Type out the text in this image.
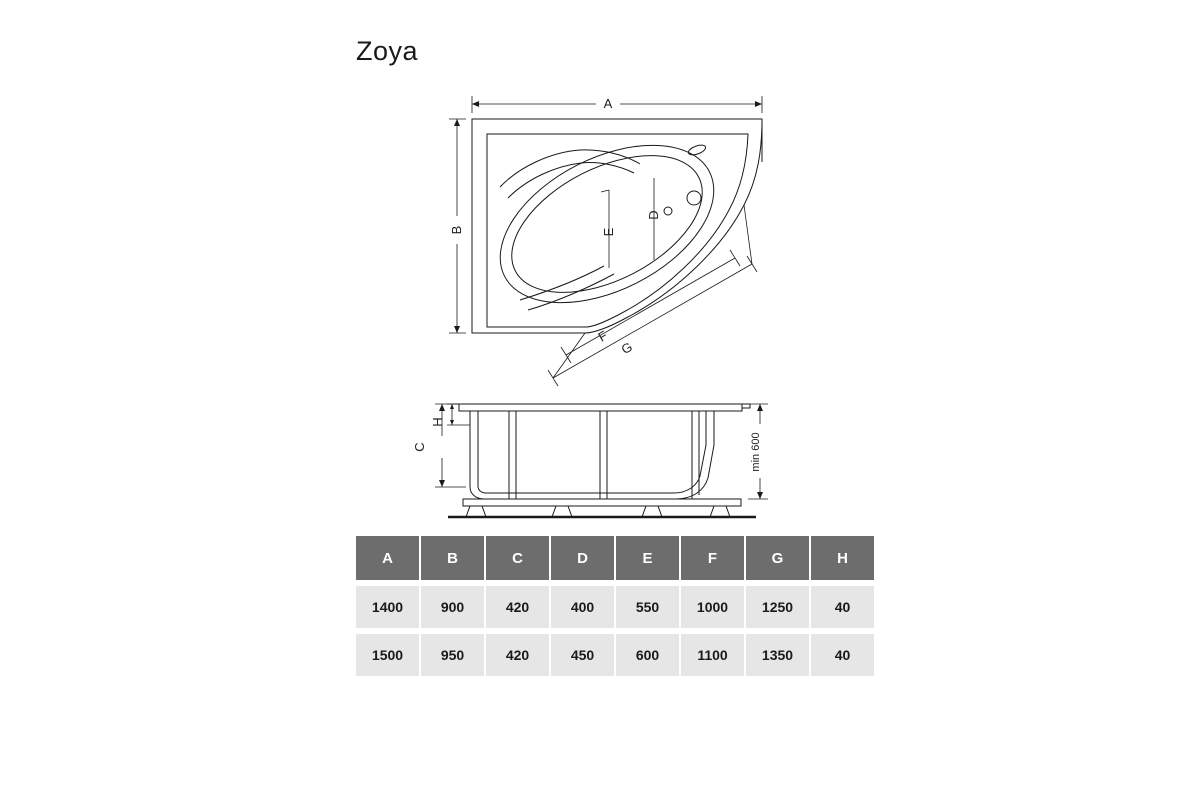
Zoya
A
B	E
D
F
G
C
H
min 600
A	B	C	D	E	F	G	H

1400	900	420	400	550	1000	1250	40

1500	950	420	450	600	1100	1350	40
